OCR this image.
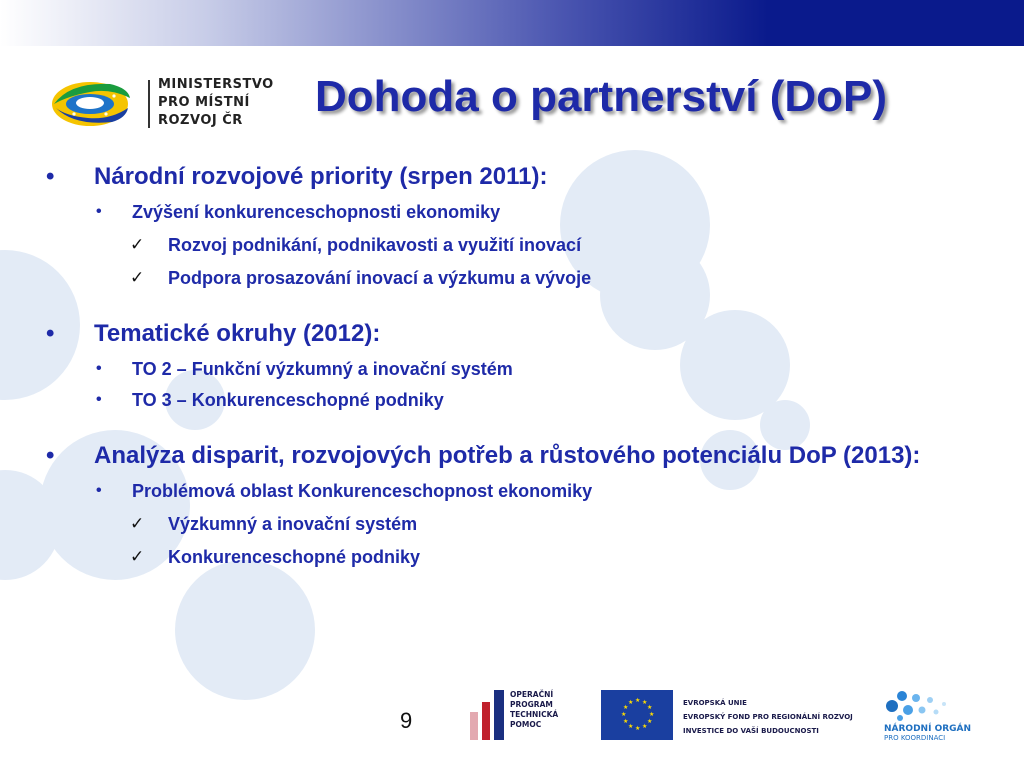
MINISTERSTVO
PRO MÍSTNÍ
ROZVOJ ČR	Dohoda o partnerství (DoP)
•	Národní rozvojové priority (srpen 2011):
• Zvýšení konkurenceschopnosti ekonomiky
✓ Rozvoj podnikání, podnikavosti a využití inovací
✓ Podpora prosazování inovací a výzkumu a vývoje
•	Tematické okruhy (2012):
• TO 2 – Funkční výzkumný a inovační systém
• TO 3 – Konkurenceschopné podniky
•	Analýza disparit, rozvojových potřeb a růstového potenciálu DoP (2013):
• Problémová oblast Konkurenceschopnost ekonomiky
✓ Výzkumný a inovační systém
✓ Konkurenceschopné podniky
9
OPERAČNÍ
PROGRAM
TECHNICKÁ
POMOC
★ ★
★
★
★
★
★
★
★
★
★
★	EVROPSKÁ UNIE
EVROPSKÝ FOND PRO REGIONÁLNÍ ROZVOJ
INVESTICE DO VAŠÍ BUDOUCNOSTI	NÁRODNÍ ORGÁN
PRO KOORDINACI
